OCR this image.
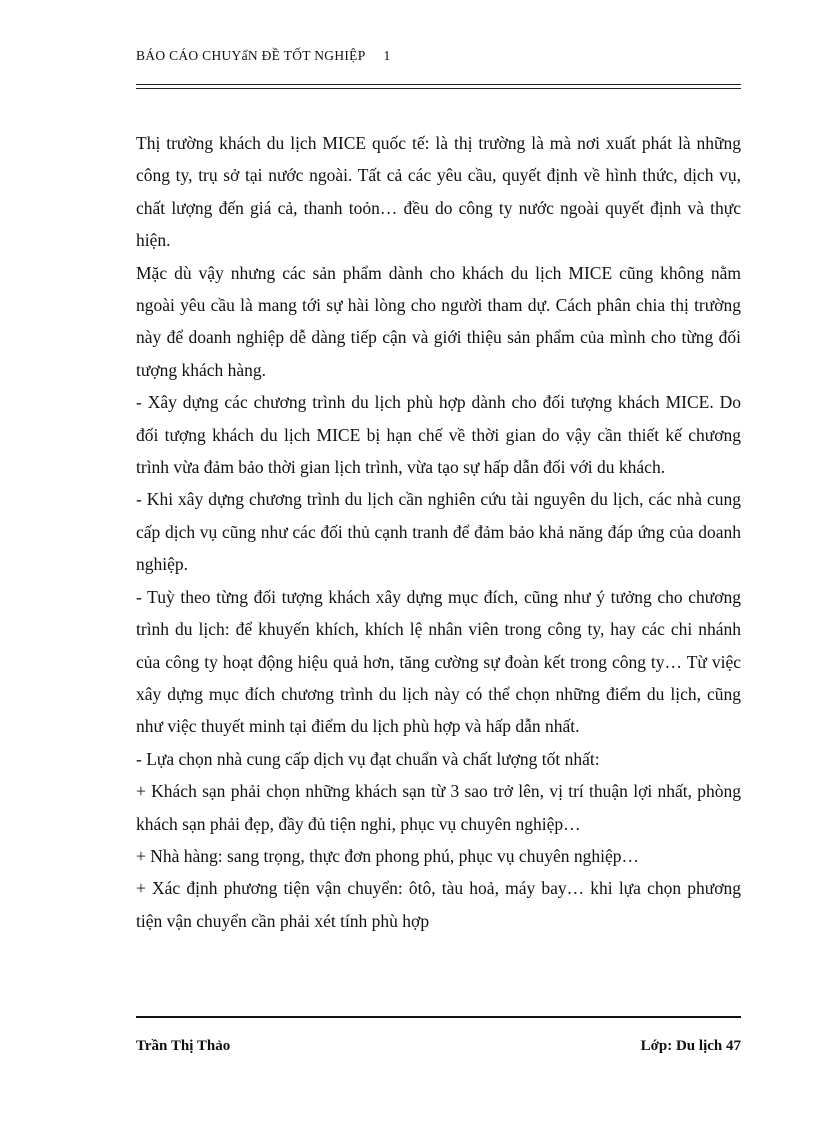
BÁO CÁO CHUYấN ĐỀ TỐT NGHIỆP 1

Thị trường khách du lịch MICE quốc tế: là thị trường là mà nơi xuất phát là những công ty, trụ sở tại nước ngoài. Tất cả các yêu cầu, quyết định về hình thức, dịch vụ, chất lượng đến giá cả, thanh toỏn… đều do công ty nước ngoài quyết định và thực hiện.

Mặc dù vậy nhưng các sản phẩm dành cho khách du lịch MICE cũng không nằm ngoài yêu cầu là mang tới sự hài lòng cho người tham dự. Cách phân chia thị trường này để doanh nghiệp dễ dàng tiếp cận và giới thiệu sản phẩm của mình cho từng đối tượng khách hàng.

- Xây dựng các chương trình du lịch phù hợp dành cho đối tượng khách MICE. Do đối tượng khách du lịch MICE bị hạn chế về thời gian do vậy cần thiết kế chương trình vừa đảm bảo thời gian lịch trình, vừa tạo sự hấp dẫn đối với du khách.

- Khi xây dựng chương trình du lịch cần nghiên cứu tài nguyên du lịch, các nhà cung cấp dịch vụ cũng như các đối thủ cạnh tranh để đảm bảo khả năng đáp ứng của doanh nghiệp.

- Tuỳ theo từng đối tượng khách xây dựng mục đích, cũng như ý tưởng cho chương trình du lịch: để khuyến khích, khích lệ nhân viên trong công ty, hay các chi nhánh của công ty hoạt động hiệu quả hơn, tăng cường sự đoàn kết trong công ty… Từ việc xây dựng mục đích chương trình du lịch này có thể chọn những điểm du lịch, cũng như việc thuyết minh tại điểm du lịch phù hợp và hấp dẫn nhất.

- Lựa chọn nhà cung cấp dịch vụ đạt chuẩn và chất lượng tốt nhất:

+ Khách sạn phải chọn những khách sạn từ 3 sao trở lên, vị trí thuận lợi nhất, phòng khách sạn phải đẹp, đầy đủ tiện nghi, phục vụ chuyên nghiệp…

+ Nhà hàng: sang trọng, thực đơn phong phú, phục vụ chuyên nghiệp…

+ Xác định phương tiện vận chuyển: ôtô, tàu hoả, máy bay… khi lựa chọn phương tiện vận chuyển cần phải xét tính phù hợp

Trần Thị Thảo	Lớp: Du lịch 47
